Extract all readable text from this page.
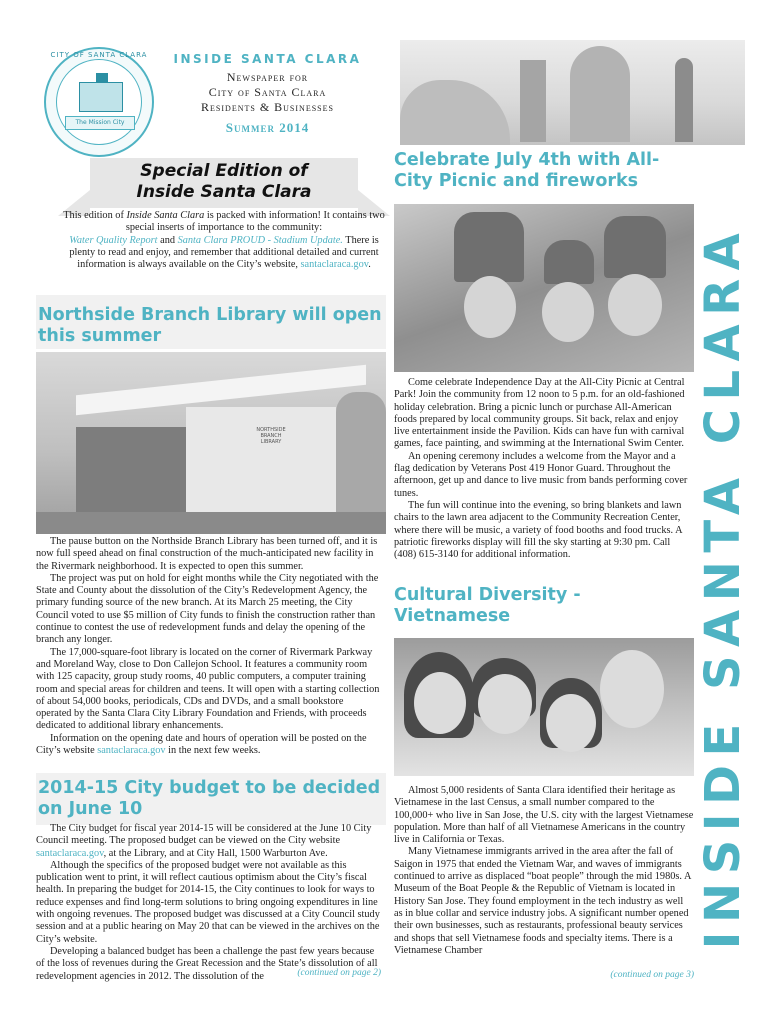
CITY OF SANTA CLARA
The Mission City
INSIDE SANTA CLARA
Newspaper for
City of Santa Clara
Residents & Businesses
Summer 2014
Special Edition of
Inside Santa Clara
This edition of Inside Santa Clara is packed with information! It contains two special inserts of importance to the community:
Water Quality Report and Santa Clara PROUD - Stadium Update. There is plenty to read and enjoy, and remember that additional detailed and current information is always available on the City’s website, santaclaraca.gov.
Northside Branch Library will open this summer
NORTHSIDE BRANCH LIBRARY

The pause button on the Northside Branch Library has been turned off, and it is now full speed ahead on final construction of the much-anticipated new facility in the Rivermark neighborhood. It is expected to open this summer.

The project was put on hold for eight months while the City negotiated with the State and County about the dissolution of the City’s Redevelopment Agency, the primary funding source of the new branch. At its March 25 meeting, the City Council voted to use $5 million of City funds to finish the construction rather than continue to contest the use of redevelopment funds and delay the opening of the branch any longer.

The 17,000-square-foot library is located on the corner of Rivermark Parkway and Moreland Way, close to Don Callejon School. It features a community room with 125 capacity, group study rooms, 40 public computers, a computer training room and special areas for children and teens. It will open with a starting collection of about 54,000 books, periodicals, CDs and DVDs, and a small bookstore operated by the Santa Clara City Library Foundation and Friends, with proceeds dedicated to additional library enhancements.

Information on the opening date and hours of operation will be posted on the City’s website santaclaraca.gov in the next few weeks.

2014-15 City budget to be decided on June 10

The City budget for fiscal year 2014-15 will be considered at the June 10 City Council meeting. The proposed budget can be viewed on the City website santaclaraca.gov, at the Library, and at City Hall, 1500 Warburton Ave.

Although the specifics of the proposed budget were not available as this publication went to print, it will reflect cautious optimism about the City’s fiscal health. In preparing the budget for 2014-15, the City continues to look for ways to reduce expenses and find long-term solutions to bring ongoing expenditures in line with ongoing revenues. The proposed budget was discussed at a City Council study session and at a public hearing on May 20 that can be viewed in the archives on the City’s website.

Developing a balanced budget has been a challenge the past few years because of the loss of revenues during the Great Recession and the State’s dissolution of all redevelopment agencies in 2012. The dissolution of the	(continued on page 2)
Celebrate July 4th with All-City Picnic and fireworks

Come celebrate Independence Day at the All-City Picnic at Central Park! Join the community from 12 noon to 5 p.m. for an old-fashioned holiday celebration. Bring a picnic lunch or purchase All-American foods prepared by local community groups. Sit back, relax and enjoy live entertainment inside the Pavilion. Kids can have fun with carnival games, face painting, and swimming at the International Swim Center.

An opening ceremony includes a welcome from the Mayor and a flag dedication by Veterans Post 419 Honor Guard. Throughout the afternoon, get up and dance to live music from bands performing cover tunes.

The fun will continue into the evening, so bring blankets and lawn chairs to the lawn area adjacent to the Community Recreation Center, where there will be music, a variety of food booths and food trucks. A patriotic fireworks display will fill the sky starting at 9:30 pm. Call (408) 615-3140 for additional information.

Cultural Diversity - Vietnamese

Almost 5,000 residents of Santa Clara identified their heritage as Vietnamese in the last Census, a small number compared to the 100,000+ who live in San Jose, the U.S. city with the largest Vietnamese population. More than half of all Vietnamese Americans in the country live in California or Texas.

Many Vietnamese immigrants arrived in the area after the fall of Saigon in 1975 that ended the Vietnam War, and waves of immigrants continued to arrive as displaced “boat people” through the mid 1980s. A Museum of the Boat People & the Republic of Vietnam is located in History San Jose. They found employment in the tech industry as well as in blue collar and service industry jobs. A significant number opened their own businesses, such as restaurants, professional beauty services and shops that sell Vietnamese foods and specialty items. There is a Vietnamese Chamber

(continued on page 3)
INSIDE SANTA CLARA
